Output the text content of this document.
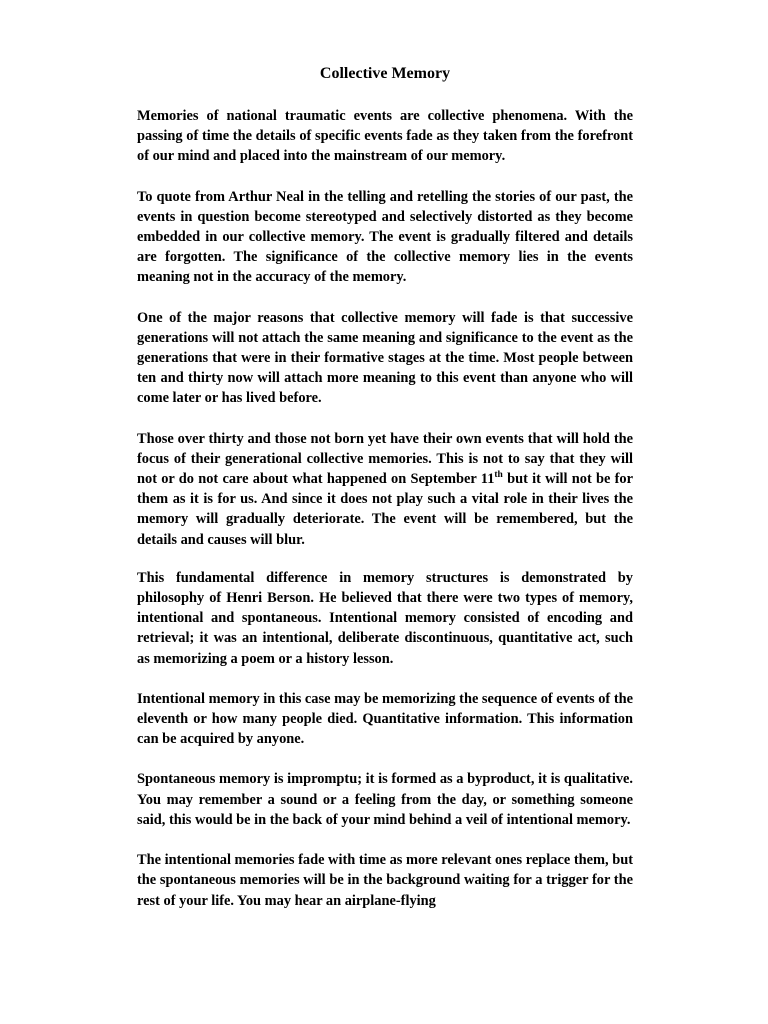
Collective Memory

Memories of national traumatic events are collective phenomena. With the passing of time the details of specific events fade as they taken from the forefront of our mind and placed into the mainstream of our memory.

To quote from Arthur Neal in the telling and retelling the stories of our past, the events in question become stereotyped and selectively distorted as they become embedded in our collective memory. The event is gradually filtered and details are forgotten. The significance of the collective memory lies in the events meaning not in the accuracy of the memory.

One of the major reasons that collective memory will fade is that successive generations will not attach the same meaning and significance to the event as the generations that were in their formative stages at the time. Most people between ten and thirty now will attach more meaning to this event than anyone who will come later or has lived before.

Those over thirty and those not born yet have their own events that will hold the focus of their generational collective memories. This is not to say that they will not or do not care about what happened on September 11th but it will not be for them as it is for us. And since it does not play such a vital role in their lives the memory will gradually deteriorate. The event will be remembered, but the details and causes will blur.

This fundamental difference in memory structures is demonstrated by philosophy of Henri Berson. He believed that there were two types of memory, intentional and spontaneous. Intentional memory consisted of encoding and retrieval; it was an intentional, deliberate discontinuous, quantitative act, such as memorizing a poem or a history lesson.

Intentional memory in this case may be memorizing the sequence of events of the eleventh or how many people died. Quantitative information. This information can be acquired by anyone.

Spontaneous memory is impromptu; it is formed as a byproduct, it is qualitative. You may remember a sound or a feeling from the day, or something someone said, this would be in the back of your mind behind a veil of intentional memory.

The intentional memories fade with time as more relevant ones replace them, but the spontaneous memories will be in the background waiting for a trigger for the rest of your life. You may hear an airplane-flying
